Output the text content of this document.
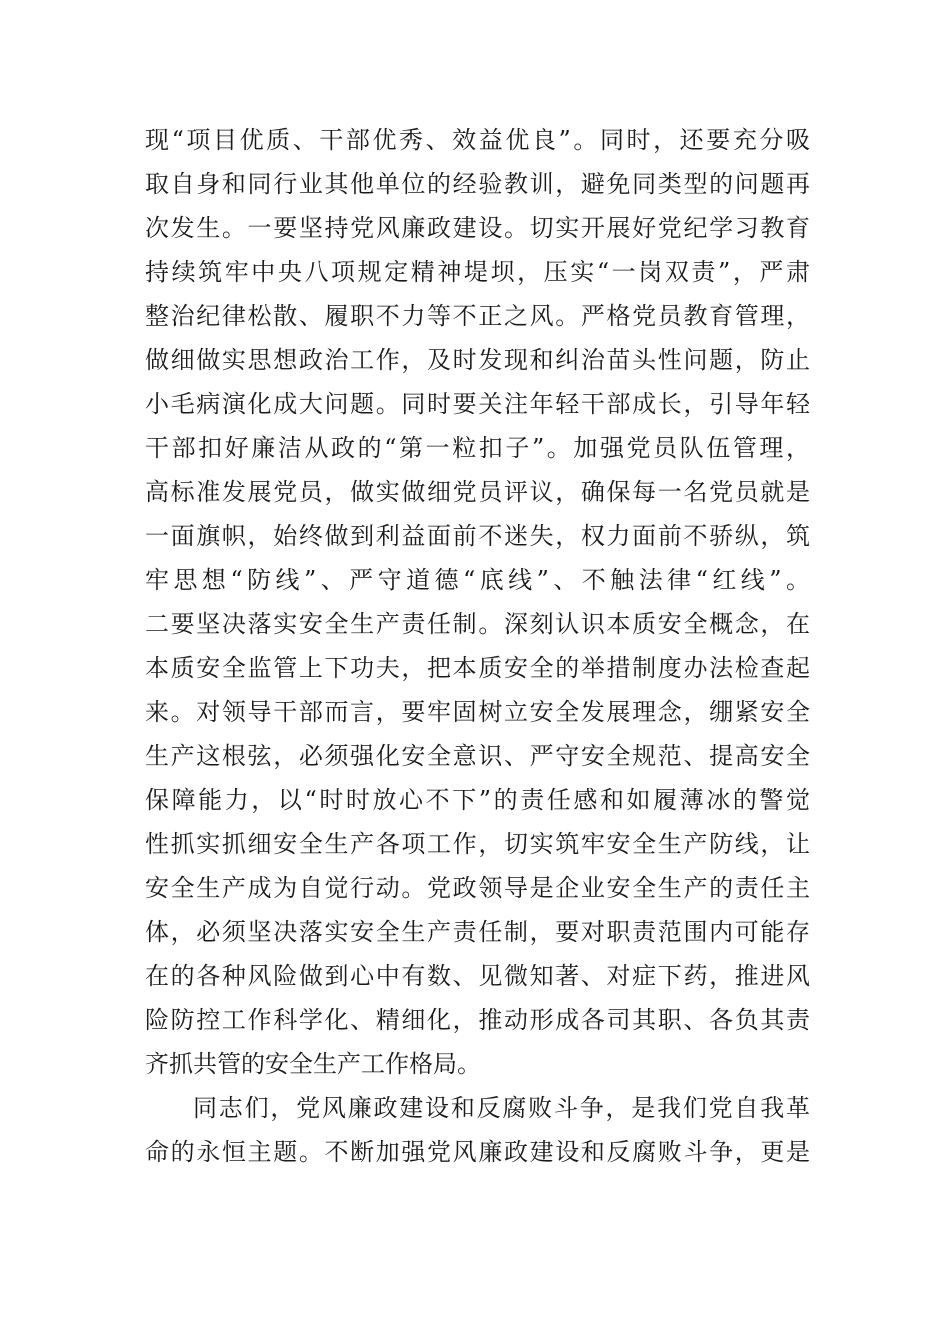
现“项目优质、干部优秀、效益优良”。同时，还要充分吸
取自身和同行业其他单位的经验教训，避免同类型的问题再
次发生。一要坚持党风廉政建设。切实开展好党纪学习教育
持续筑牢中央八项规定精神堤坝，压实“一岗双责”，严肃
整治纪律松散、履职不力等不正之风。严格党员教育管理，
做细做实思想政治工作，及时发现和纠治苗头性问题，防止
小毛病演化成大问题。同时要关注年轻干部成长，引导年轻
干部扣好廉洁从政的“第一粒扣子”。加强党员队伍管理，
高标准发展党员，做实做细党员评议，确保每一名党员就是
一面旗帜，始终做到利益面前不迷失，权力面前不骄纵，筑
牢思想“防线”、严守道德“底线”、不触法律“红线”。
二要坚决落实安全生产责任制。深刻认识本质安全概念，在
本质安全监管上下功夫，把本质安全的举措制度办法检查起
来。对领导干部而言，要牢固树立安全发展理念，绷紧安全
生产这根弦，必须强化安全意识、严守安全规范、提高安全
保障能力，以“时时放心不下”的责任感和如履薄冰的警觉
性抓实抓细安全生产各项工作，切实筑牢安全生产防线，让
安全生产成为自觉行动。党政领导是企业安全生产的责任主
体，必须坚决落实安全生产责任制，要对职责范围内可能存
在的各种风险做到心中有数、见微知著、对症下药，推进风
险防控工作科学化、精细化，推动形成各司其职、各负其责
齐抓共管的安全生产工作格局。
同志们，党风廉政建设和反腐败斗争，是我们党自我革
命的永恒主题。不断加强党风廉政建设和反腐败斗争，更是
